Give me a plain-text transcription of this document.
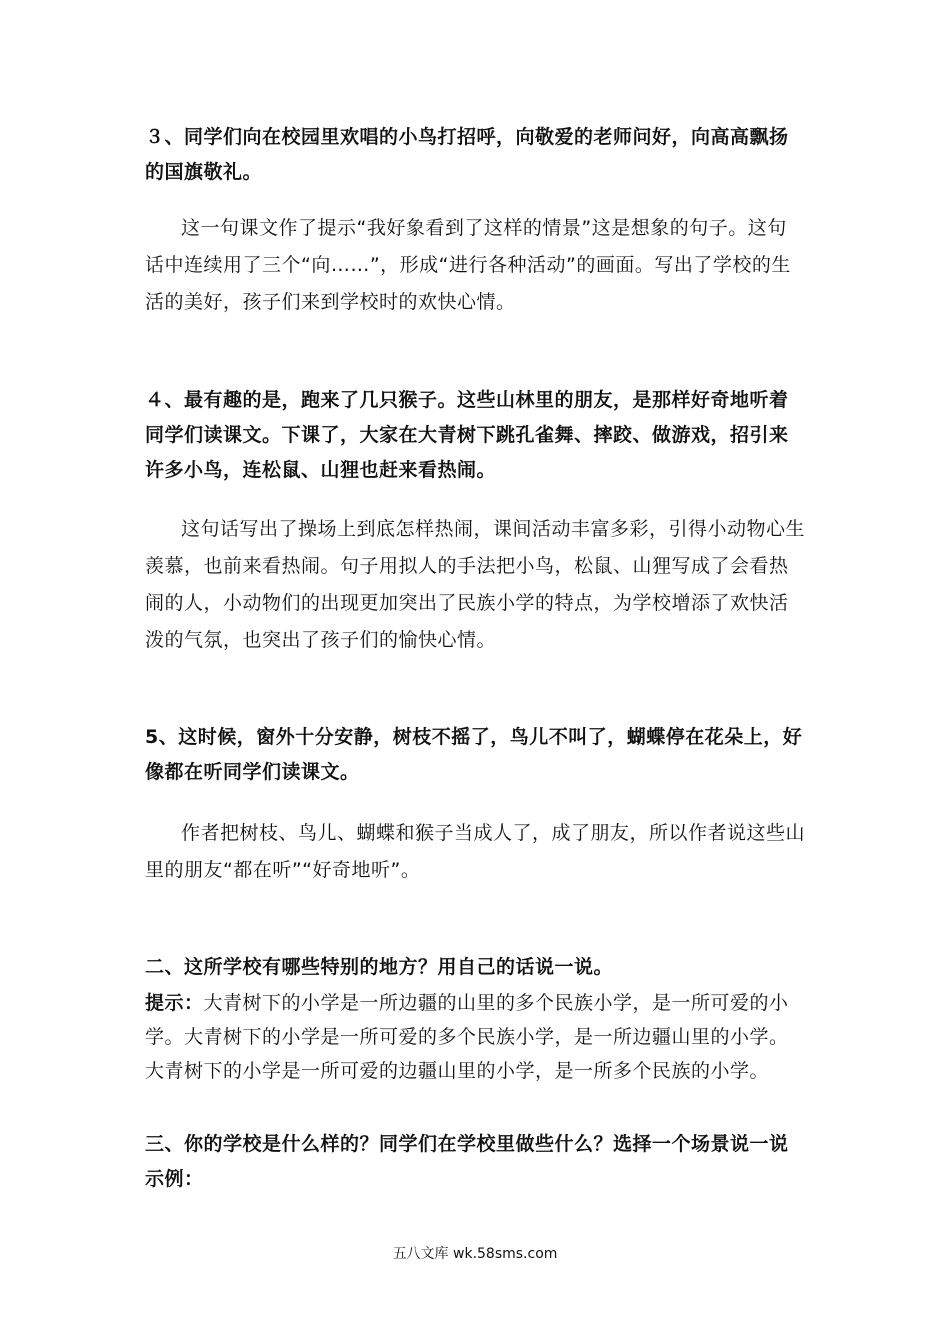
３、同学们向在校园里欢唱的小鸟打招呼，向敬爱的老师问好，向高高飘扬的国旗敬礼。
这一句课文作了提示“我好象看到了这样的情景”这是想象的句子。这句话中连续用了三个“向……”，形成“进行各种活动”的画面。写出了学校的生活的美好，孩子们来到学校时的欢快心情。
４、最有趣的是，跑来了几只猴子。这些山林里的朋友，是那样好奇地听着同学们读课文。下课了，大家在大青树下跳孔雀舞、摔跤、做游戏，招引来许多小鸟，连松鼠、山狸也赶来看热闹。
这句话写出了操场上到底怎样热闹，课间活动丰富多彩，引得小动物心生羡慕，也前来看热闹。句子用拟人的手法把小鸟，松鼠、山狸写成了会看热闹的人，小动物们的出现更加突出了民族小学的特点，为学校增添了欢快活泼的气氛，也突出了孩子们的愉快心情。
5、这时候，窗外十分安静，树枝不摇了，鸟儿不叫了，蝴蝶停在花朵上，好像都在听同学们读课文。
作者把树枝、鸟儿、蝴蝶和猴子当成人了，成了朋友，所以作者说这些山里的朋友“都在听”“好奇地听”。
二、这所学校有哪些特别的地方？用自己的话说一说。
提示：大青树下的小学是一所边疆的山里的多个民族小学，是一所可爱的小学。大青树下的小学是一所可爱的多个民族小学，是一所边疆山里的小学。大青树下的小学是一所可爱的边疆山里的小学，是一所多个民族的小学。
三、你的学校是什么样的？同学们在学校里做些什么？选择一个场景说一说示例：
五八文库 wk.58sms.com
